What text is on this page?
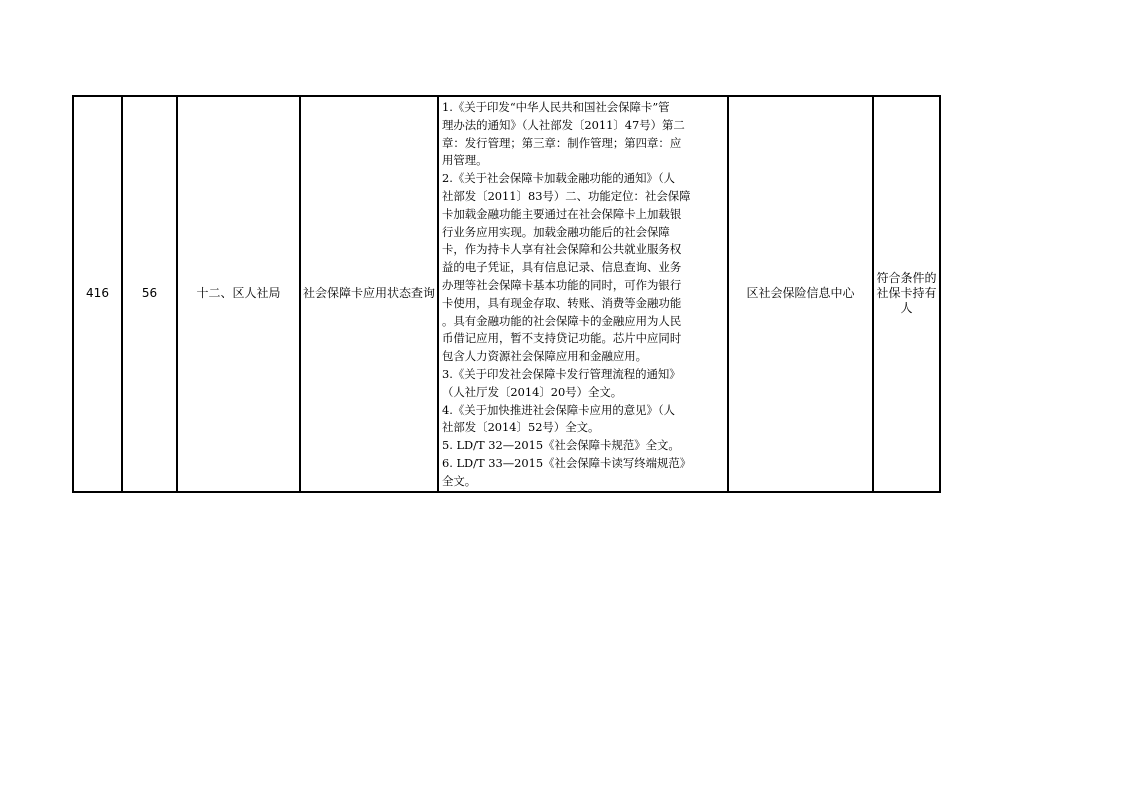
416	56	十二、区人社局	社会保障卡应用状态查询	
1.《关于印发“中华人民共和国社会保障卡”管
理办法的通知》（人社部发〔2011〕47号）第二
章：发行管理；第三章：制作管理；第四章：应
用管理。
2.《关于社会保障卡加载金融功能的通知》（人
社部发〔2011〕83号）二、功能定位：社会保障
卡加载金融功能主要通过在社会保障卡上加载银
行业务应用实现。加载金融功能后的社会保障
卡，作为持卡人享有社会保障和公共就业服务权
益的电子凭证，具有信息记录、信息查询、业务
办理等社会保障卡基本功能的同时，可作为银行
卡使用，具有现金存取、转账、消费等金融功能
。具有金融功能的社会保障卡的金融应用为人民
币借记应用，暂不支持贷记功能。芯片中应同时
包含人力资源社会保障应用和金融应用。
3.《关于印发社会保障卡发行管理流程的通知》
（人社厅发〔2014〕20号）全文。
4.《关于加快推进社会保障卡应用的意见》（人
社部发〔2014〕52号）全文。
5. LD/T 32—2015《社会保障卡规范》全文。
6. LD/T 33—2015《社会保障卡读写终端规范》
全文。
	区社会保险信息中心	符合条件的社保卡持有人
